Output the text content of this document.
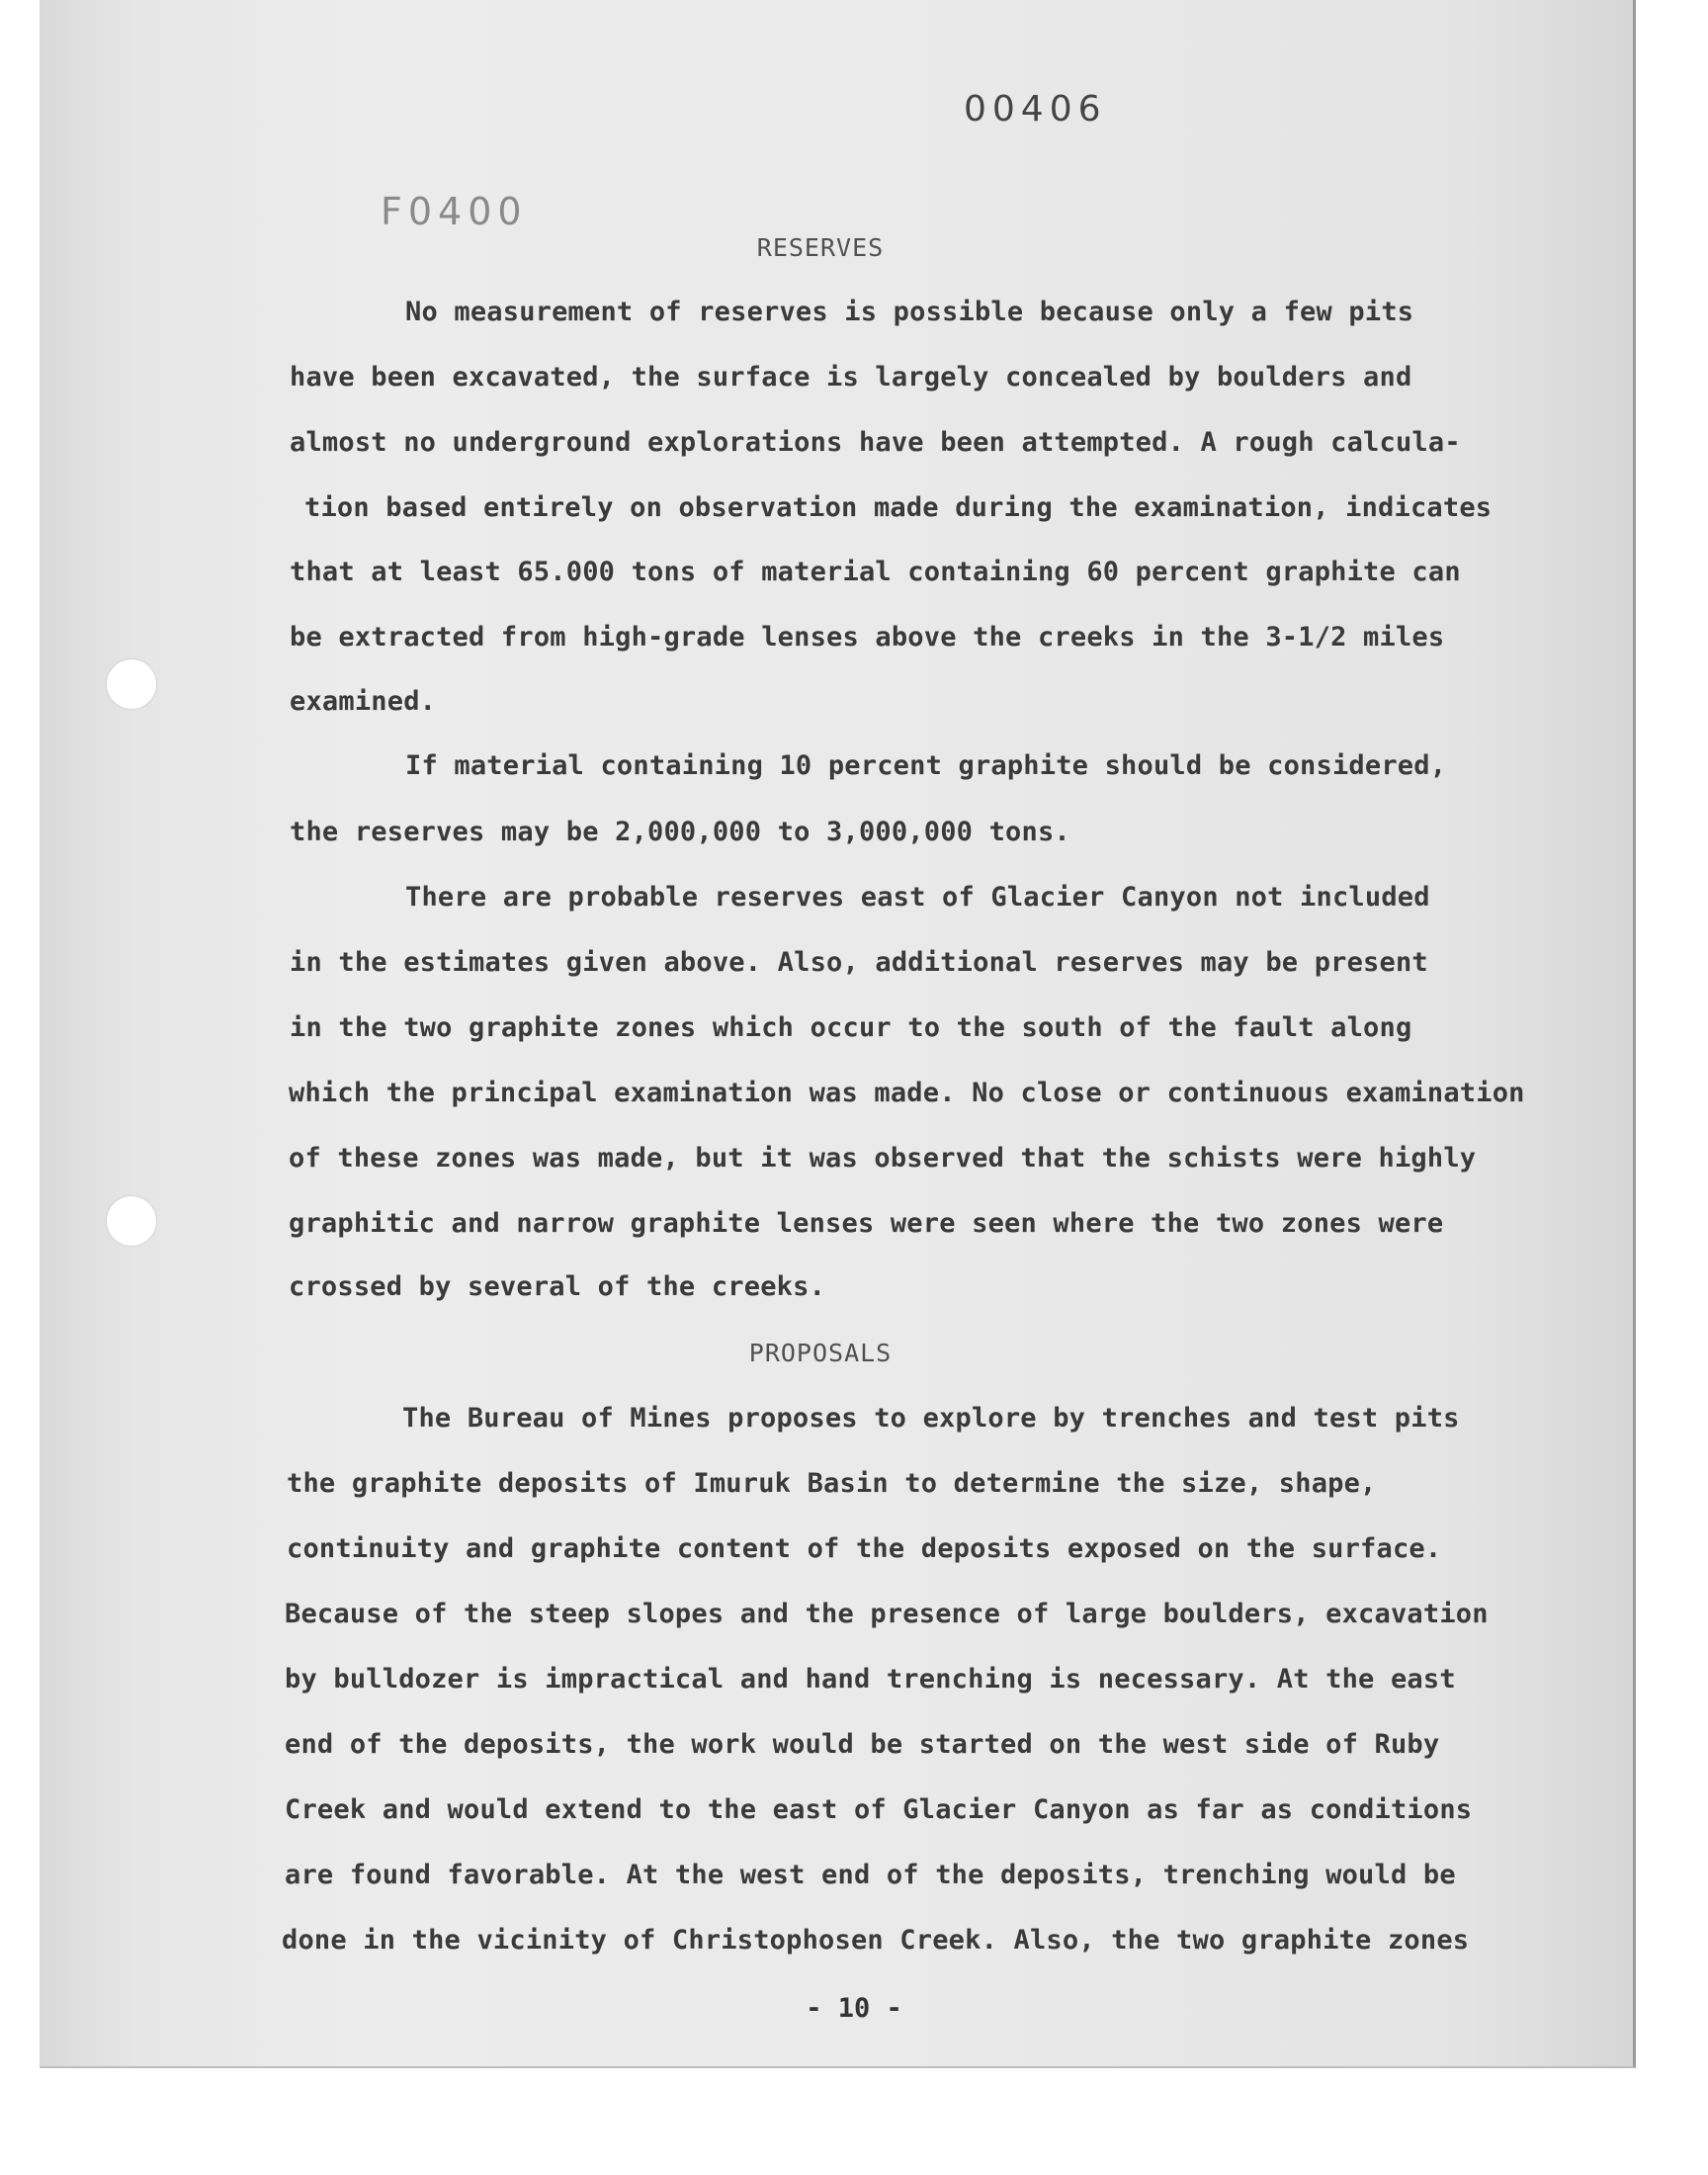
00406
F0400
RESERVES
No measurement of reserves is possible because only a few pits
have been excavated, the surface is largely concealed by boulders and
almost no underground explorations have been attempted. A rough calcula-
tion based entirely on observation made during the examination, indicates
that at least 65.000 tons of material containing 60 percent graphite can
be extracted from high-grade lenses above the creeks in the 3-1/2 miles
examined.
If material containing 10 percent graphite should be considered,
the reserves may be 2,000,000 to 3,000,000 tons.
There are probable reserves east of Glacier Canyon not included
in the estimates given above. Also, additional reserves may be present
in the two graphite zones which occur to the south of the fault along
which the principal examination was made. No close or continuous examination
of these zones was made, but it was observed that the schists were highly
graphitic and narrow graphite lenses were seen where the two zones were
crossed by several of the creeks.
PROPOSALS
The Bureau of Mines proposes to explore by trenches and test pits
the graphite deposits of Imuruk Basin to determine the size, shape,
continuity and graphite content of the deposits exposed on the surface.
Because of the steep slopes and the presence of large boulders, excavation
by bulldozer is impractical and hand trenching is necessary. At the east
end of the deposits, the work would be started on the west side of Ruby
Creek and would extend to the east of Glacier Canyon as far as conditions
are found favorable. At the west end of the deposits, trenching would be
done in the vicinity of Christophosen Creek. Also, the two graphite zones
- 10 -
